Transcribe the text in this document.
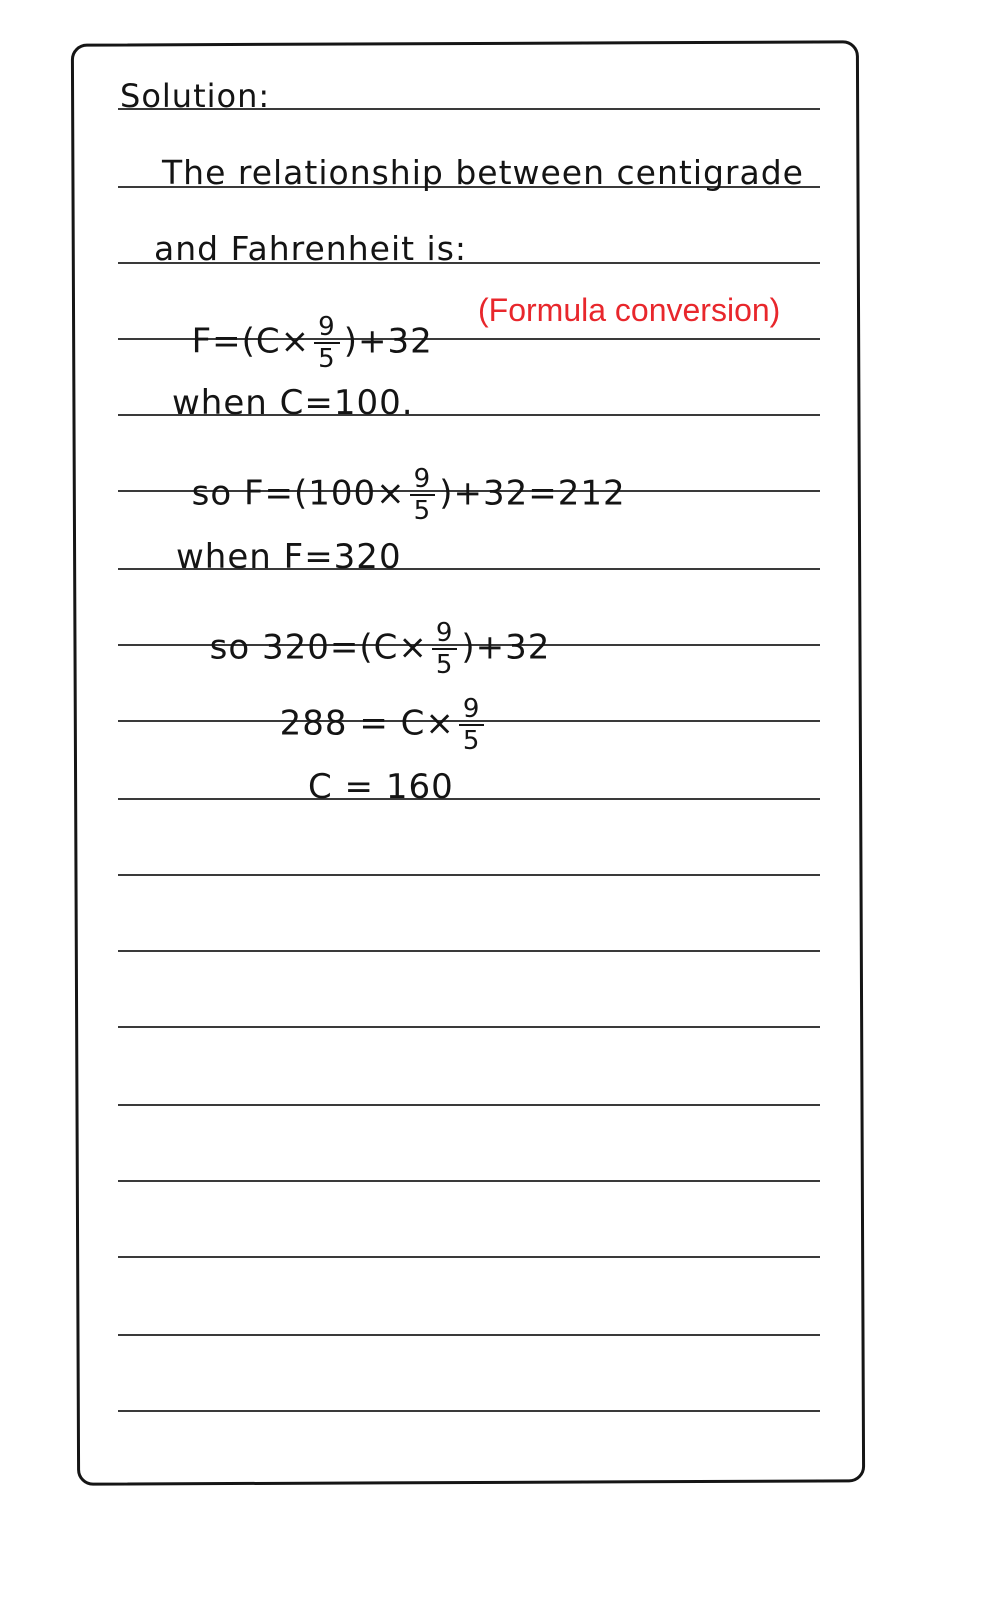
Solution:
The relationship between centigrade
and Fahrenheit is:

$F=(C\times \frac{9}{5} )+32$

(Formula conversion)
when C=100.

so $F=(100\times \frac{9}{5} )+32=212$

when F=320

so $320=(C\times \frac{9}{5} )+32$

$288 = C\times \frac{9}{5}$

C = 160
